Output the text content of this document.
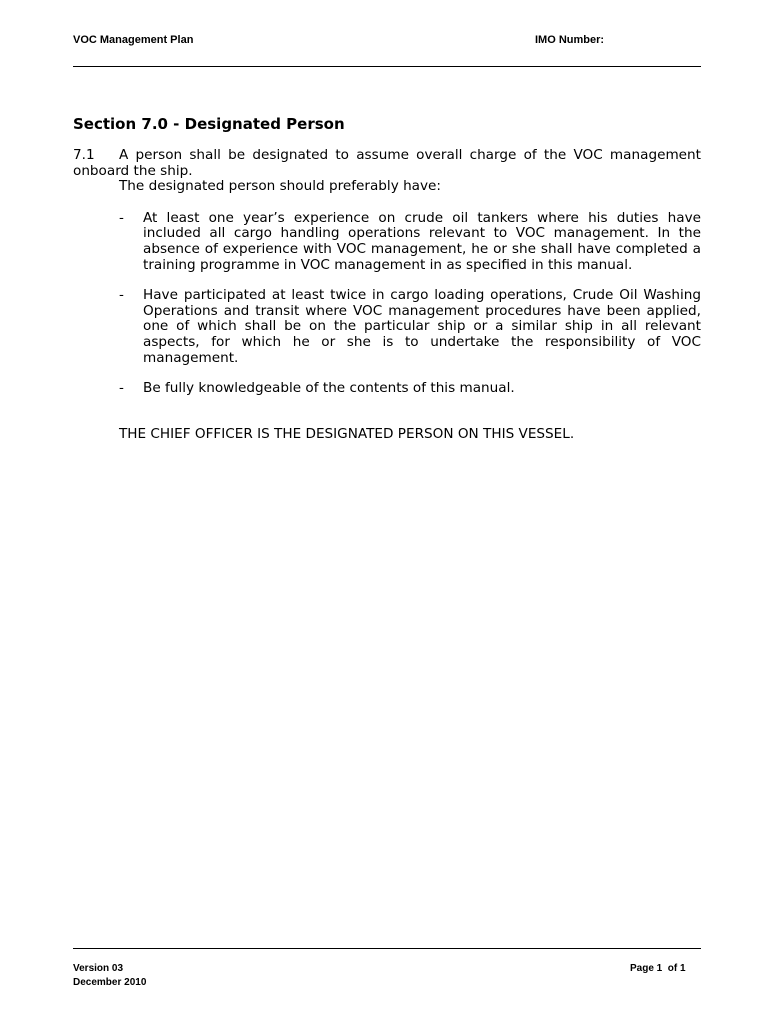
VOC Management Plan	IMO Number:
Section 7.0 - Designated Person

7.1 A person shall be designated to assume overall charge of the VOC management onboard the ship.

The designated person should preferably have:

- At least one year’s experience on crude oil tankers where his duties have included all cargo handling operations relevant to VOC management. In the absence of experience with VOC management, he or she shall have completed a training programme in VOC management in as specified in this manual.
- Have participated at least twice in cargo loading operations, Crude Oil Washing Operations and transit where VOC management procedures have been applied, one of which shall be on the particular ship or a similar ship in all relevant aspects, for which he or she is to undertake the responsibility of VOC management.
- Be fully knowledgeable of the contents of this manual.

THE CHIEF OFFICER IS THE DESIGNATED PERSON ON THIS VESSEL.

Version 03
December 2010
Page 1  of 1
